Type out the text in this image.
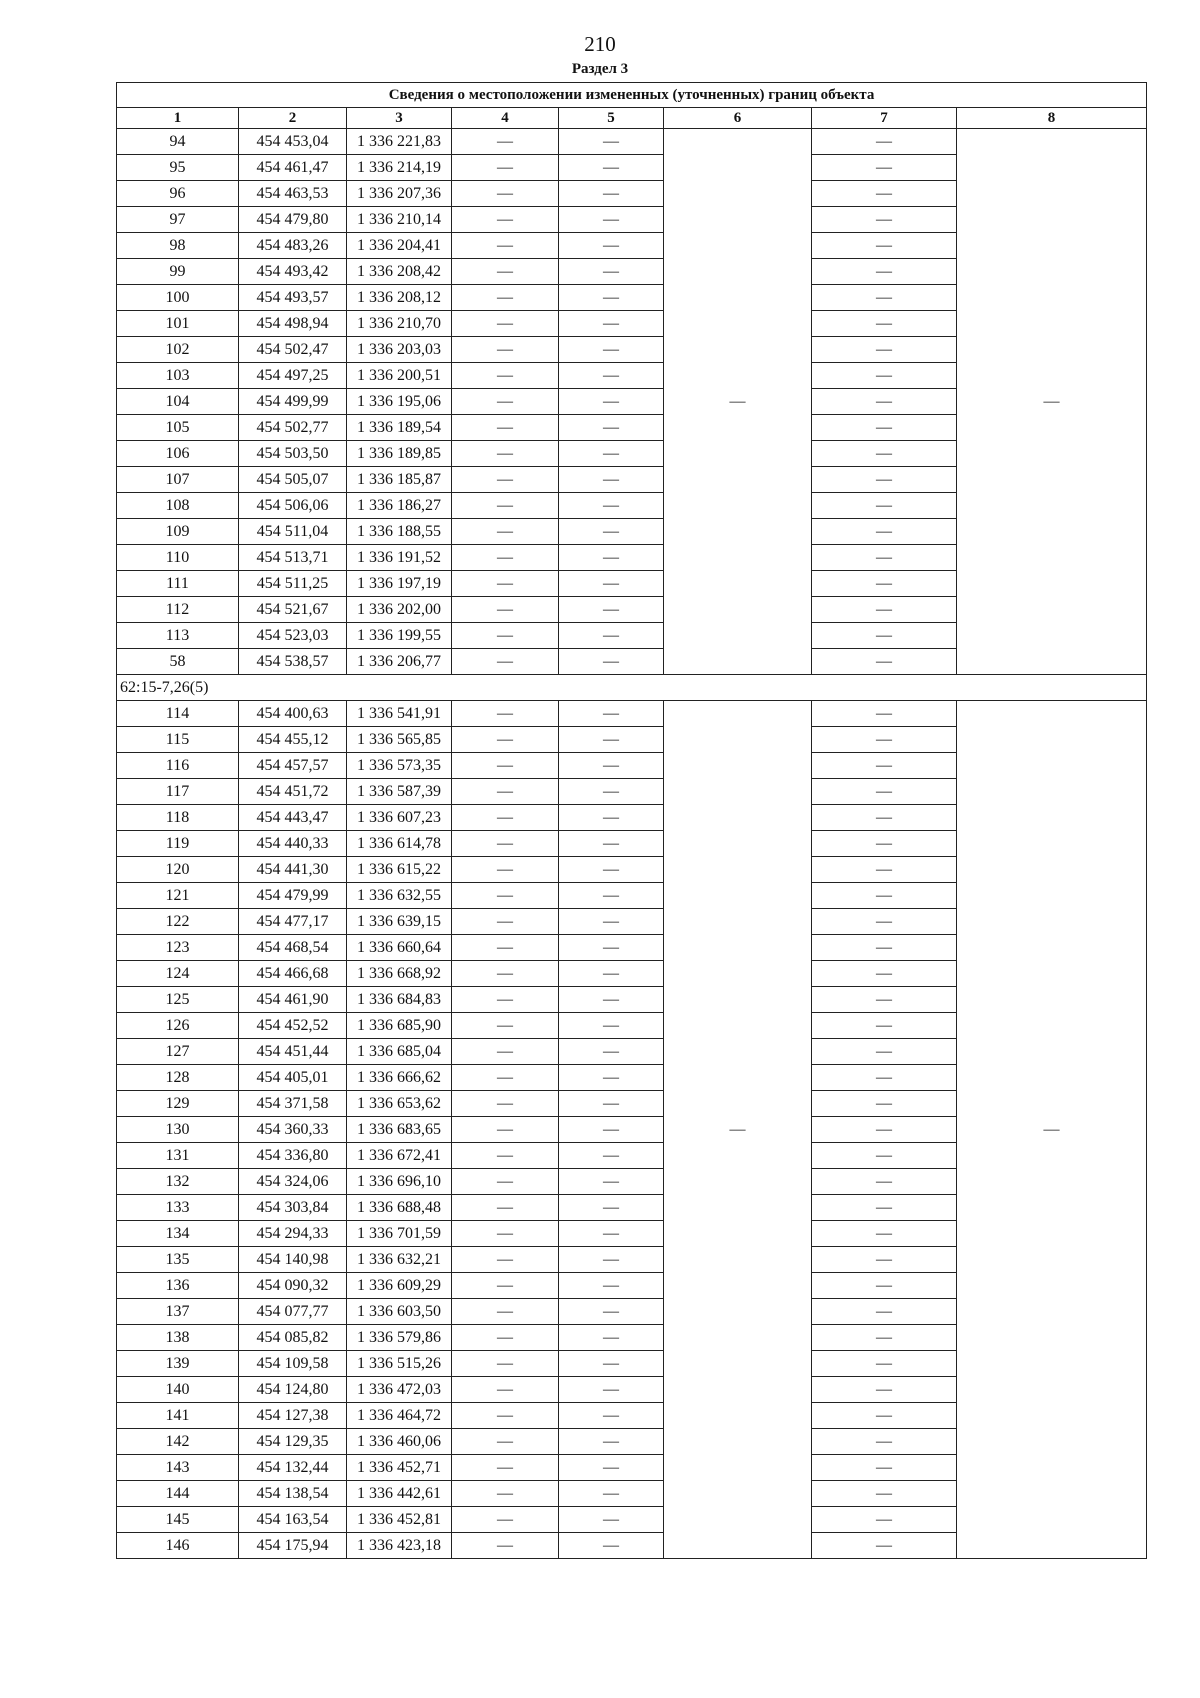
210
Раздел 3
Сведения о местоположении измененных (уточненных) границ объекта							
1	2	3	4	5	6	7	8
94	454 453,04	1 336 221,83	—	—	—	—	—
95	454 461,47	1 336 214,19	—	—		—	
96	454 463,53	1 336 207,36	—	—		—	
97	454 479,80	1 336 210,14	—	—		—	
98	454 483,26	1 336 204,41	—	—		—	
99	454 493,42	1 336 208,42	—	—		—	
100	454 493,57	1 336 208,12	—	—		—	
101	454 498,94	1 336 210,70	—	—		—	
102	454 502,47	1 336 203,03	—	—		—	
103	454 497,25	1 336 200,51	—	—		—	
104	454 499,99	1 336 195,06	—	—		—	
105	454 502,77	1 336 189,54	—	—		—	
106	454 503,50	1 336 189,85	—	—		—	
107	454 505,07	1 336 185,87	—	—		—	
108	454 506,06	1 336 186,27	—	—		—	
109	454 511,04	1 336 188,55	—	—		—	
110	454 513,71	1 336 191,52	—	—		—	
111	454 511,25	1 336 197,19	—	—		—	
112	454 521,67	1 336 202,00	—	—		—	
113	454 523,03	1 336 199,55	—	—		—	
58	454 538,57	1 336 206,77	—	—		—	
62:15-7,26(5)							
114	454 400,63	1 336 541,91	—	—	—	—	—
115	454 455,12	1 336 565,85	—	—		—	
116	454 457,57	1 336 573,35	—	—		—	
117	454 451,72	1 336 587,39	—	—		—	
118	454 443,47	1 336 607,23	—	—		—	
119	454 440,33	1 336 614,78	—	—		—	
120	454 441,30	1 336 615,22	—	—		—	
121	454 479,99	1 336 632,55	—	—		—	
122	454 477,17	1 336 639,15	—	—		—	
123	454 468,54	1 336 660,64	—	—		—	
124	454 466,68	1 336 668,92	—	—		—	
125	454 461,90	1 336 684,83	—	—		—	
126	454 452,52	1 336 685,90	—	—		—	
127	454 451,44	1 336 685,04	—	—		—	
128	454 405,01	1 336 666,62	—	—		—	
129	454 371,58	1 336 653,62	—	—		—	
130	454 360,33	1 336 683,65	—	—		—	
131	454 336,80	1 336 672,41	—	—		—	
132	454 324,06	1 336 696,10	—	—		—	
133	454 303,84	1 336 688,48	—	—		—	
134	454 294,33	1 336 701,59	—	—		—	
135	454 140,98	1 336 632,21	—	—		—	
136	454 090,32	1 336 609,29	—	—		—	
137	454 077,77	1 336 603,50	—	—		—	
138	454 085,82	1 336 579,86	—	—		—	
139	454 109,58	1 336 515,26	—	—		—	
140	454 124,80	1 336 472,03	—	—		—	
141	454 127,38	1 336 464,72	—	—		—	
142	454 129,35	1 336 460,06	—	—		—	
143	454 132,44	1 336 452,71	—	—		—	
144	454 138,54	1 336 442,61	—	—		—	
145	454 163,54	1 336 452,81	—	—		—	
146	454 175,94	1 336 423,18	—	—		—	
